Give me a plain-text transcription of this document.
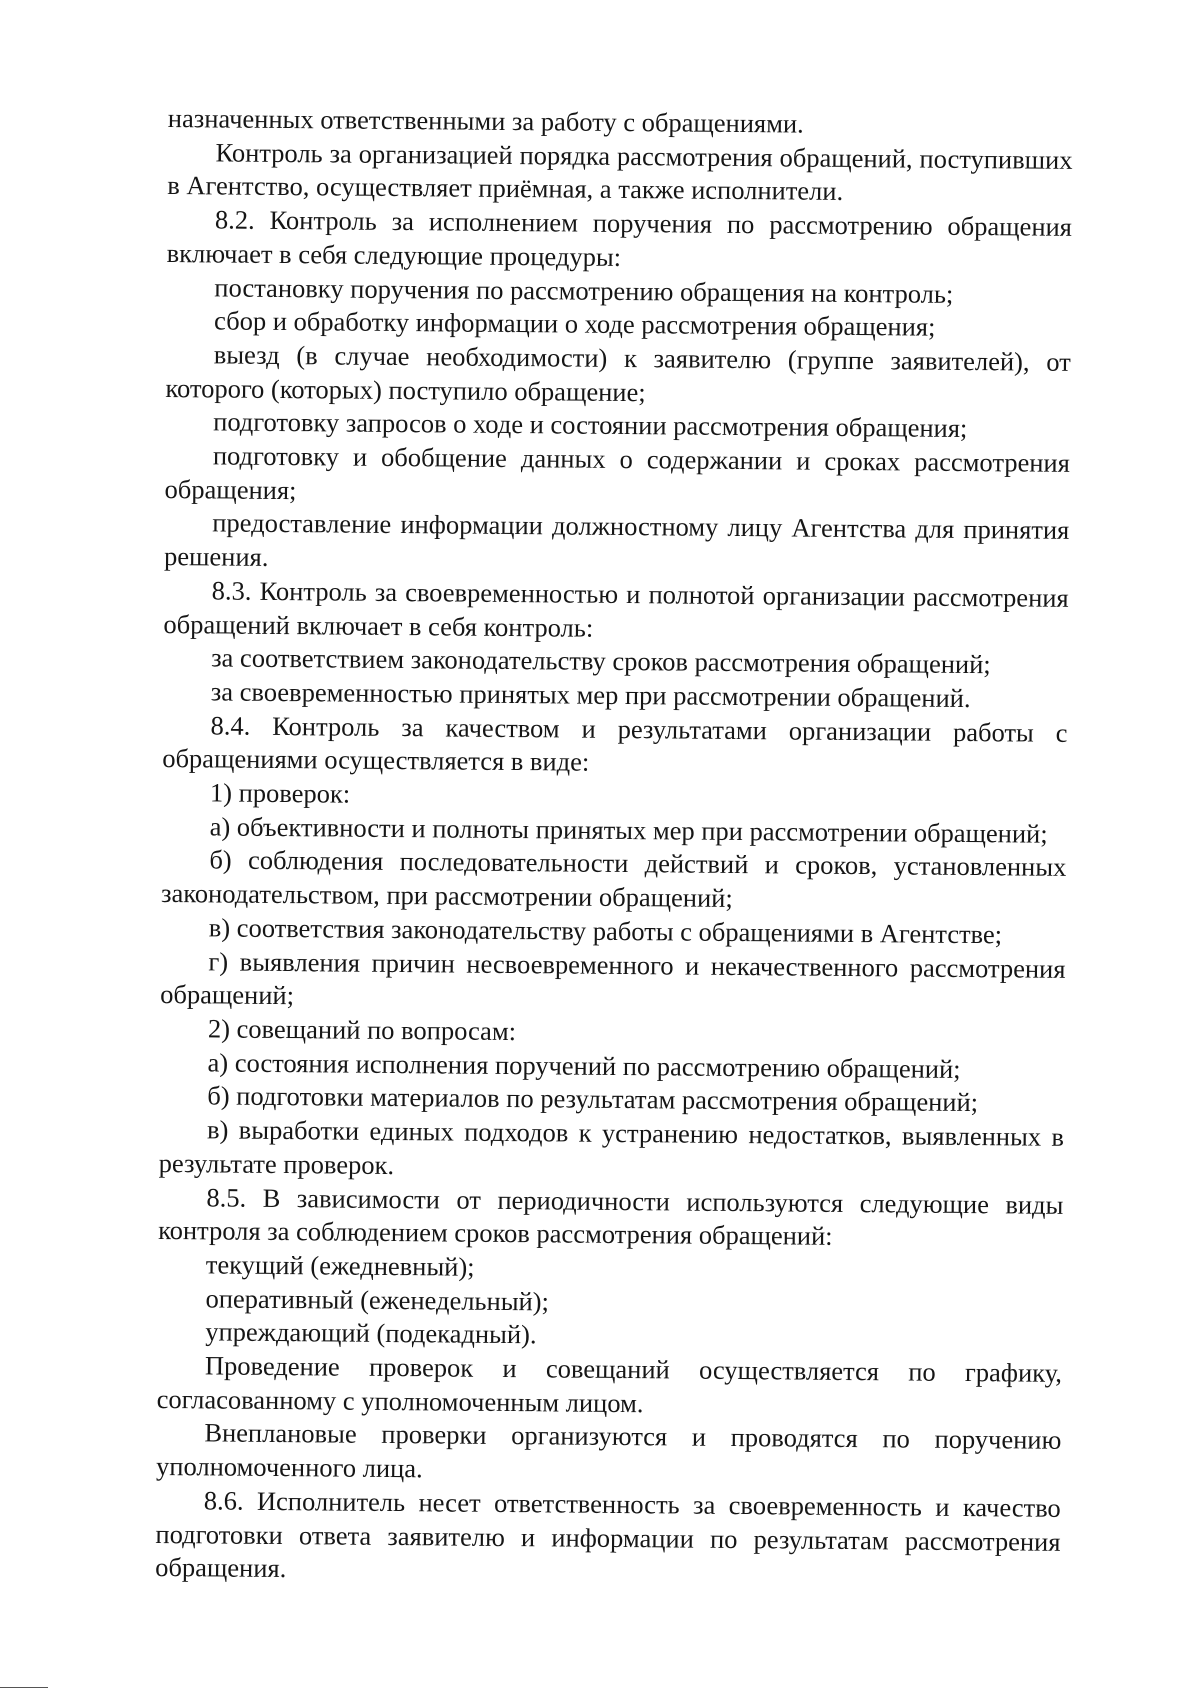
назначенных ответственными за работу с обращениями.

Контроль за организацией порядка рассмотрения обращений, поступивших в Агентство, осуществляет приёмная, а также исполнители.

8.2. Контроль за исполнением поручения по рассмотрению обращения включает в себя следующие процедуры:

постановку поручения по рассмотрению обращения на контроль;

сбор и обработку информации о ходе рассмотрения обращения;

выезд (в случае необходимости) к заявителю (группе заявителей), от которого (которых) поступило обращение;

подготовку запросов о ходе и состоянии рассмотрения обращения;

подготовку и обобщение данных о содержании и сроках рассмотрения обращения;

предоставление информации должностному лицу Агентства для принятия решения.

8.3. Контроль за своевременностью и полнотой организации рассмотрения обращений включает в себя контроль:

за соответствием законодательству сроков рассмотрения обращений;

за своевременностью принятых мер при рассмотрении обращений.

8.4. Контроль за качеством и результатами организации работы с обращениями осуществляется в виде:

1) проверок:

а) объективности и полноты принятых мер при рассмотрении обращений;

б) соблюдения последовательности действий и сроков, установленных законодательством, при рассмотрении обращений;

в) соответствия законодательству работы с обращениями в Агентстве;

г) выявления причин несвоевременного и некачественного рассмотрения обращений;

2) совещаний по вопросам:

а) состояния исполнения поручений по рассмотрению обращений;

б) подготовки материалов по результатам рассмотрения обращений;

в) выработки единых подходов к устранению недостатков, выявленных в результате проверок.

8.5. В зависимости от периодичности используются следующие виды контроля за соблюдением сроков рассмотрения обращений:

текущий (ежедневный);

оперативный (еженедельный);

упреждающий (подекадный).

Проведение проверок и совещаний осуществляется по графику, согласованному с уполномоченным лицом.

Внеплановые проверки организуются и проводятся по поручению уполномоченного лица.

8.6. Исполнитель несет ответственность за своевременность и качество подготовки ответа заявителю и информации по результатам рассмотрения обращения.
